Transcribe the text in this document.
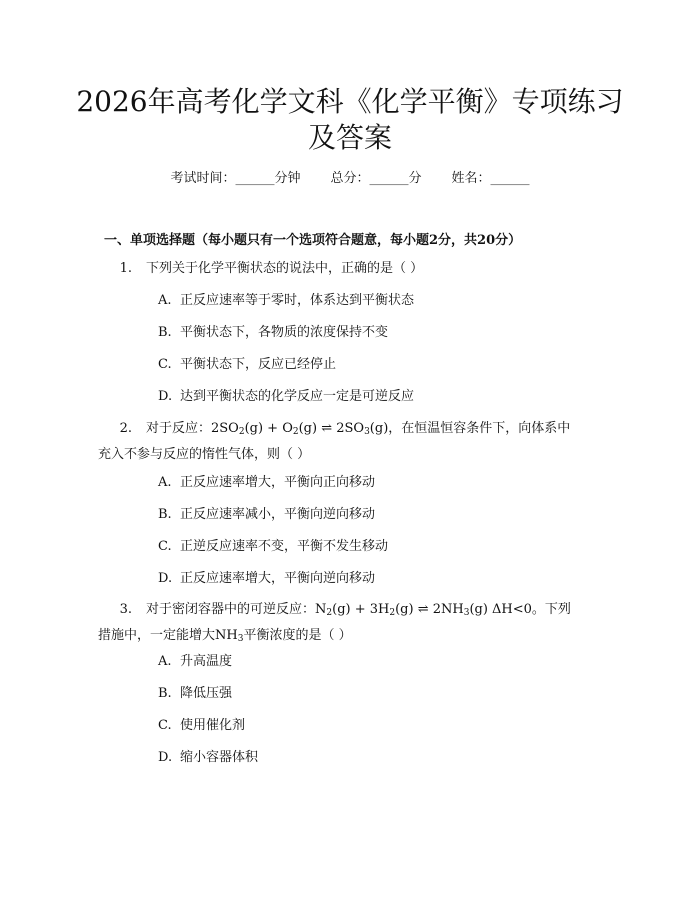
2026年高考化学文科《化学平衡》专项练习
及答案
考试时间：______分钟 总分：______分 姓名：______
一、单项选择题（每小题只有一个选项符合题意，每小题2分，共20分）
1. 下列关于化学平衡状态的说法中，正确的是（ ）
A. 正反应速率等于零时，体系达到平衡状态
B. 平衡状态下，各物质的浓度保持不变
C. 平衡状态下，反应已经停止
D. 达到平衡状态的化学反应一定是可逆反应
2. 对于反应：$2SO_2(g) + O_2(g)$ ⇌ $2SO_3(g)$，在恒温恒容条件下，向体系中
充入不参与反应的惰性气体，则（ ）
A. 正反应速率增大，平衡向正向移动
B. 正反应速率减小，平衡向逆向移动
C. 正逆反应速率不变，平衡不发生移动
D. 正反应速率增大，平衡向逆向移动
3. 对于密闭容器中的可逆反应：$N_2(g) + 3H_2(g)$ ⇌ $2NH_3(g)$ ΔH<0。下列
措施中，一定能增大$NH_3$平衡浓度的是（ ）
A. 升高温度
B. 降低压强
C. 使用催化剂
D. 缩小容器体积
